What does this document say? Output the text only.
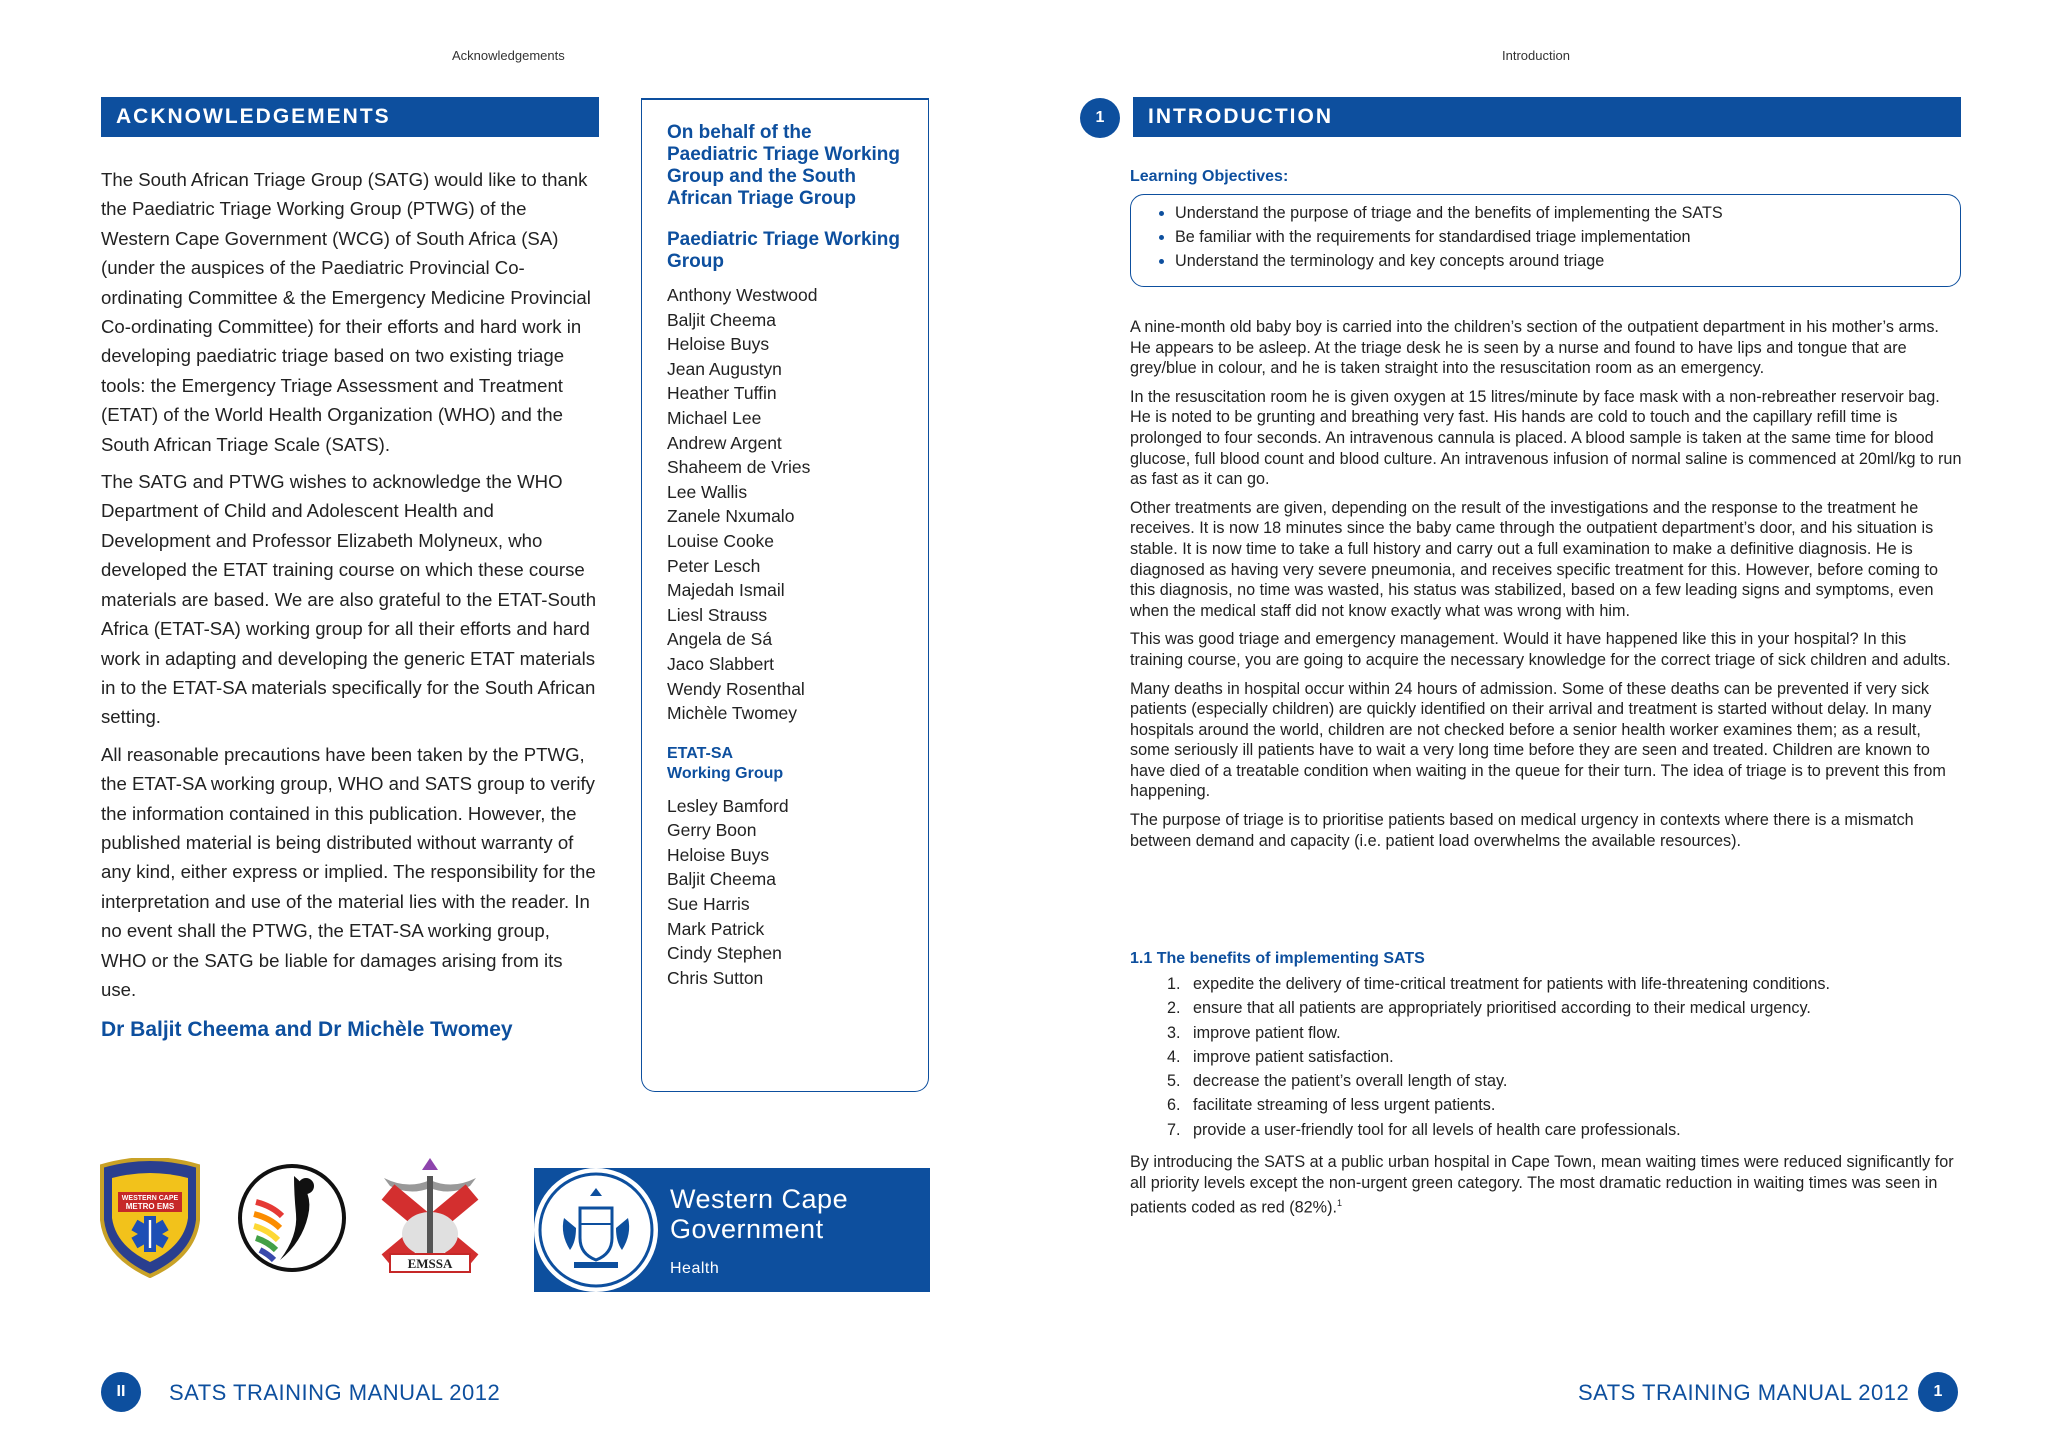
Acknowledgements
ACKNOWLEDGEMENTS

The South African Triage Group (SATG) would like to thank the Paediatric Triage Working Group (PTWG) of the Western Cape Government (WCG) of South Africa (SA) (under the auspices of the Paediatric Provincial Co-ordinating Committee & the Emergency Medicine Provincial Co-ordinating Committee) for their efforts and hard work in developing paediatric triage based on two existing triage tools: the Emergency Triage Assessment and Treatment (ETAT) of the World Health Organization (WHO) and the South African Triage Scale (SATS).

The SATG and PTWG wishes to acknowledge the WHO Department of Child and Adolescent Health and Development and Professor Elizabeth Molyneux, who developed the ETAT training course on which these course materials are based. We are also grateful to the ETAT-South Africa (ETAT-SA) working group for all their efforts and hard work in adapting and developing the generic ETAT materials in to the ETAT-SA materials specifically for the South African setting.

All reasonable precautions have been taken by the PTWG, the ETAT-SA working group, WHO and SATS group to verify the information contained in this publication. However, the published material is being distributed without warranty of any kind, either express or implied. The responsibility for the interpretation and use of the material lies with the reader. In no event shall the PTWG, the ETAT-SA working group, WHO or the SATG be liable for damages arising from its use.

Dr Baljit Cheema and Dr Michèle Twomey
On behalf of the Paediatric Triage Working Group and the South African Triage Group
Paediatric Triage Working Group
Anthony Westwood
Baljit Cheema
Heloise Buys
Jean Augustyn
Heather Tuffin
Michael Lee
Andrew Argent
Shaheem de Vries
Lee Wallis
Zanele Nxumalo
Louise Cooke
Peter Lesch
Majedah Ismail
Liesl Strauss
Angela de Sá
Jaco Slabbert
Wendy Rosenthal
Michèle Twomey
ETAT-SA
Working Group
Lesley Bamford
Gerry Boon
Heloise Buys
Baljit Cheema
Sue Harris
Mark Patrick
Cindy Stephen
Chris Sutton
WESTERN CAPE
METRO EMS
EMSSA
Western Cape
Government
Health
II	SATS TRAINING MANUAL 2012
Introduction
1	INTRODUCTION
Learning Objectives:
• Understand the purpose of triage and the benefits of implementing the SATS
• Be familiar with the requirements for standardised triage implementation
• Understand the terminology and key concepts around triage

A nine-month old baby boy is carried into the children’s section of the outpatient department in his mother’s arms. He appears to be asleep. At the triage desk he is seen by a nurse and found to have lips and tongue that are grey/blue in colour, and he is taken straight into the resuscitation room as an emergency.

In the resuscitation room he is given oxygen at 15 litres/minute by face mask with a non-rebreather reservoir bag. He is noted to be grunting and breathing very fast. His hands are cold to touch and the capillary refill time is prolonged to four seconds. An intravenous cannula is placed. A blood sample is taken at the same time for blood glucose, full blood count and blood culture. An intravenous infusion of normal saline is commenced at 20ml/kg to run as fast as it can go.

Other treatments are given, depending on the result of the investigations and the response to the treatment he receives. It is now 18 minutes since the baby came through the outpatient department’s door, and his situation is stable. It is now time to take a full history and carry out a full examination to make a definitive diagnosis. He is diagnosed as having very severe pneumonia, and receives specific treatment for this. However, before coming to this diagnosis, no time was wasted, his status was stabilized, based on a few leading signs and symptoms, even when the medical staff did not know exactly what was wrong with him.

This was good triage and emergency management. Would it have happened like this in your hospital? In this training course, you are going to acquire the necessary knowledge for the correct triage of sick children and adults.

Many deaths in hospital occur within 24 hours of admission. Some of these deaths can be prevented if very sick patients (especially children) are quickly identified on their arrival and treatment is started without delay. In many hospitals around the world, children are not checked before a senior health worker examines them; as a result, some seriously ill patients have to wait a very long time before they are seen and treated. Children are known to have died of a treatable condition when waiting in the queue for their turn. The idea of triage is to prevent this from happening.

The purpose of triage is to prioritise patients based on medical urgency in contexts where there is a mismatch between demand and capacity (i.e. patient load overwhelms the available resources).

1.1 The benefits of implementing SATS
1. expedite the delivery of time-critical treatment for patients with life-threatening conditions.
2. ensure that all patients are appropriately prioritised according to their medical urgency.
3. improve patient flow.
4. improve patient satisfaction.
5. decrease the patient’s overall length of stay.
6. facilitate streaming of less urgent patients.
7. provide a user-friendly tool for all levels of health care professionals.

By introducing the SATS at a public urban hospital in Cape Town, mean waiting times were reduced significantly for all priority levels except the non-urgent green category. The most dramatic reduction in waiting times was seen in patients coded as red (82%).$^1$

SATS TRAINING MANUAL 2012	1
